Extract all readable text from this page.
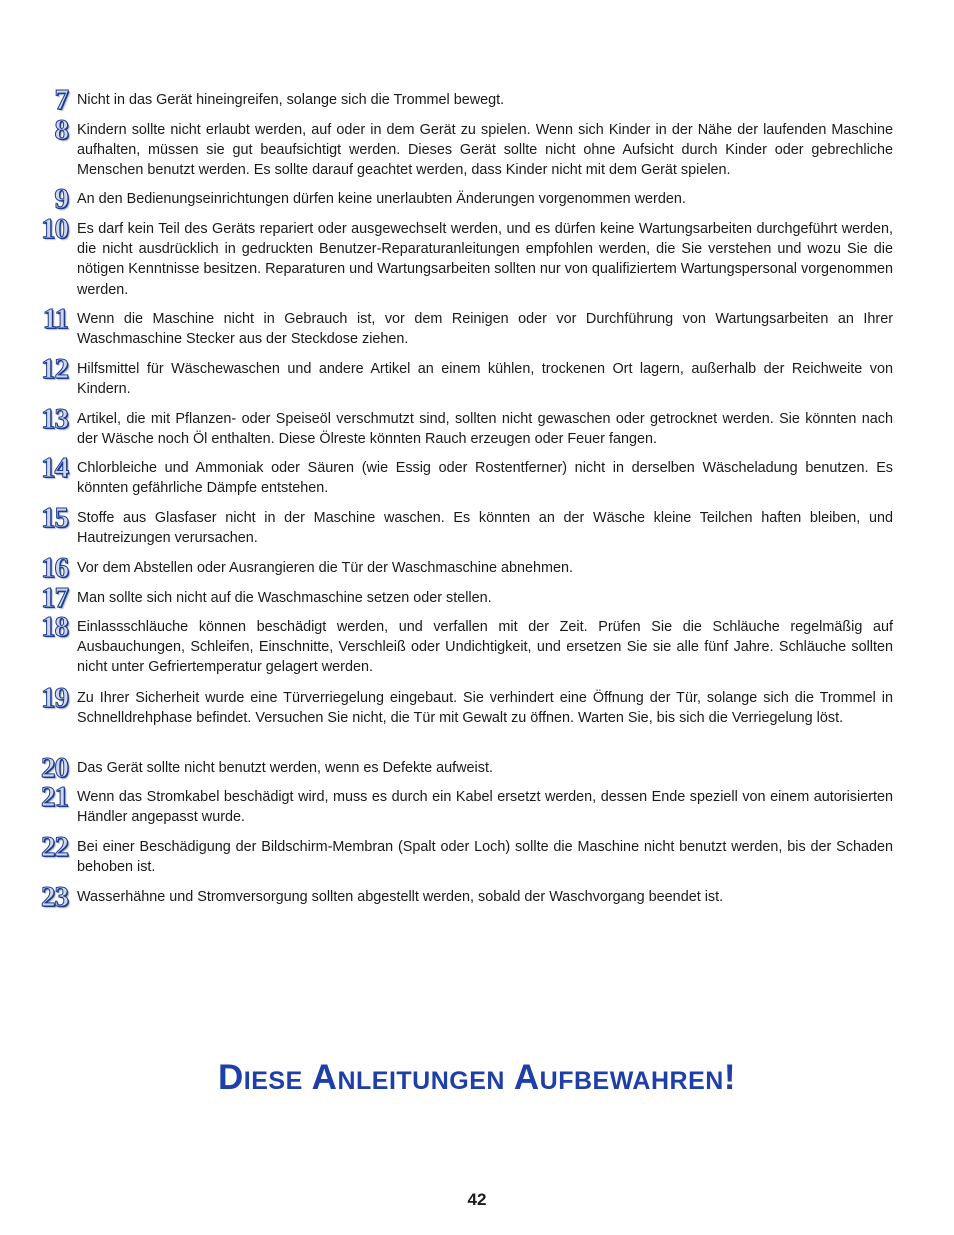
7 Nicht in das Gerät hineingreifen, solange sich die Trommel bewegt.
8 Kindern sollte nicht erlaubt werden, auf oder in dem Gerät zu spielen. Wenn sich Kinder in der Nähe der laufenden Maschine aufhalten, müssen sie gut beaufsichtigt werden. Dieses Gerät sollte nicht ohne Aufsicht durch Kinder oder gebrechliche Menschen benutzt werden. Es sollte darauf geachtet werden, dass Kinder nicht mit dem Gerät spielen.
9 An den Bedienungseinrichtungen dürfen keine unerlaubten Änderungen vorgenommen werden.
10 Es darf kein Teil des Geräts repariert oder ausgewechselt werden, und es dürfen keine Wartungsarbeiten durchgeführt werden, die nicht ausdrücklich in gedruckten Benutzer-Reparaturanleitungen empfohlen werden, die Sie verstehen und wozu Sie die nötigen Kenntnisse besitzen. Reparaturen und Wartungsarbeiten sollten nur von qualifiziertem Wartungspersonal vorgenommen werden.
11 Wenn die Maschine nicht in Gebrauch ist, vor dem Reinigen oder vor Durchführung von Wartungsarbeiten an Ihrer Waschmaschine Stecker aus der Steckdose ziehen.
12 Hilfsmittel für Wäschewaschen und andere Artikel an einem kühlen, trockenen Ort lagern, außerhalb der Reichweite von Kindern.
13 Artikel, die mit Pflanzen- oder Speiseöl verschmutzt sind, sollten nicht gewaschen oder getrocknet werden. Sie könnten nach der Wäsche noch Öl enthalten. Diese Ölreste könnten Rauch erzeugen oder Feuer fangen.
14 Chlorbleiche und Ammoniak oder Säuren (wie Essig oder Rostentferner) nicht in derselben Wäscheladung benutzen. Es könnten gefährliche Dämpfe entstehen.
15 Stoffe aus Glasfaser nicht in der Maschine waschen. Es könnten an der Wäsche kleine Teilchen haften bleiben, und Hautreizungen verursachen.
16 Vor dem Abstellen oder Ausrangieren die Tür der Waschmaschine abnehmen.
17 Man sollte sich nicht auf die Waschmaschine setzen oder stellen.
18 Einlassschläuche können beschädigt werden, und verfallen mit der Zeit. Prüfen Sie die Schläuche regelmäßig auf Ausbauchungen, Schleifen, Einschnitte, Verschleiß oder Undichtigkeit, und ersetzen Sie sie alle fünf Jahre. Schläuche sollten nicht unter Gefriertemperatur gelagert werden.
19 Zu Ihrer Sicherheit wurde eine Türverriegelung eingebaut. Sie verhindert eine Öffnung der Tür, solange sich die Trommel in Schnelldrehphase befindet. Versuchen Sie nicht, die Tür mit Gewalt zu öffnen. Warten Sie, bis sich die Verriegelung löst.
20 Das Gerät sollte nicht benutzt werden, wenn es Defekte aufweist.
21 Wenn das Stromkabel beschädigt wird, muss es durch ein Kabel ersetzt werden, dessen Ende speziell von einem autorisierten Händler angepasst wurde.
22 Bei einer Beschädigung der Bildschirm-Membran (Spalt oder Loch) sollte die Maschine nicht benutzt werden, bis der Schaden behoben ist.
23 Wasserhähne und Stromversorgung sollten abgestellt werden, sobald der Waschvorgang beendet ist.
Diese Anleitungen Aufbewahren!
42
